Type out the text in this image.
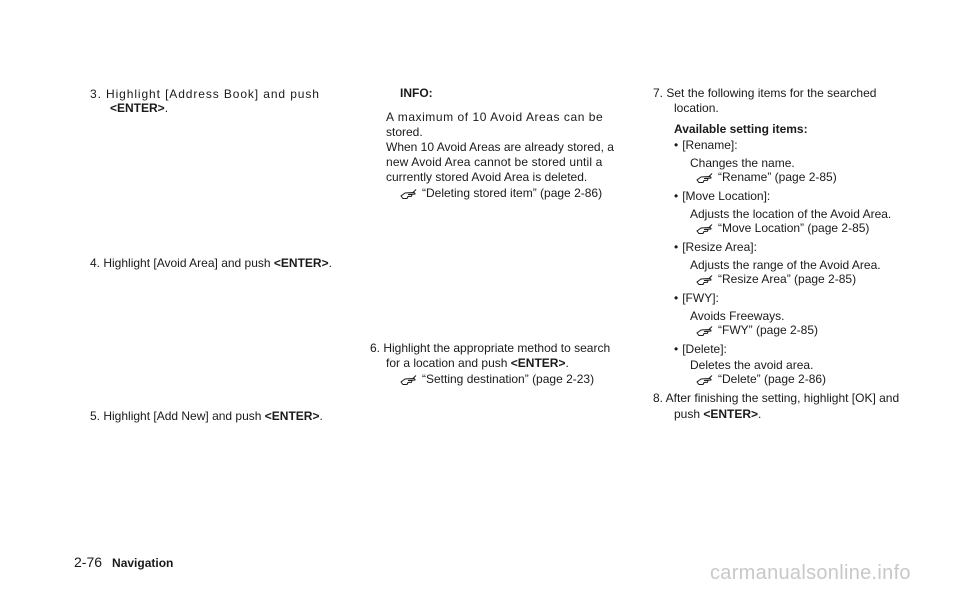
3. Highlight [Address Book] and push
<ENTER>.
4. Highlight [Avoid Area] and push <ENTER>.
5. Highlight [Add New] and push <ENTER>.
INFO:
A maximum of 10 Avoid Areas can be
stored.
When 10 Avoid Areas are already stored, a
new Avoid Area cannot be stored until a
currently stored Avoid Area is deleted.
“Deleting stored item” (page 2-86)
6. Highlight the appropriate method to search
for a location and push <ENTER>.
“Setting destination” (page 2-23)
7. Set the following items for the searched
location.
Available setting items:
• [Rename]:
Changes the name.
“Rename” (page 2-85)
• [Move Location]:
Adjusts the location of the Avoid Area.
“Move Location” (page 2-85)
• [Resize Area]:
Adjusts the range of the Avoid Area.
“Resize Area” (page 2-85)
• [FWY]:
Avoids Freeways.
“FWY” (page 2-85)
• [Delete]:
Deletes the avoid area.
“Delete” (page 2-86)
8. After finishing the setting, highlight [OK] and
push <ENTER>.
2-76 Navigation	carmanualsonline.info
